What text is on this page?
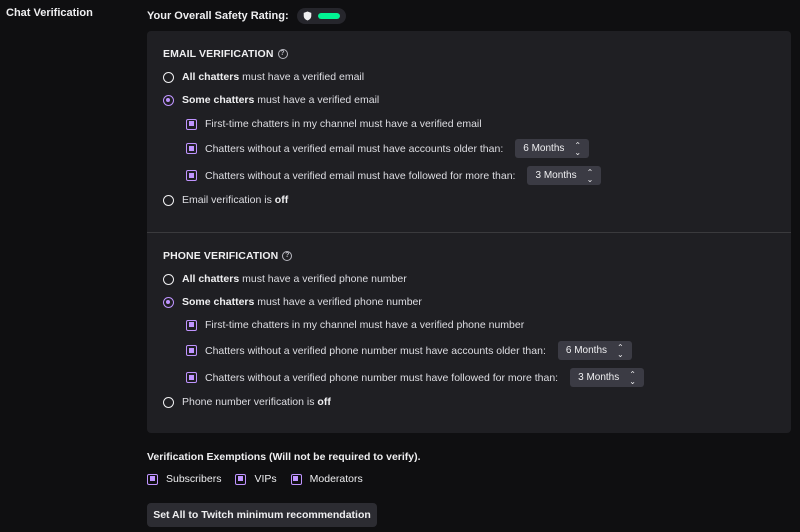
Chat Verification	Your Overall Safety Rating:
EMAIL VERIFICATION ?
All chatters must have a verified email
Some chatters must have a verified email
First-time chatters in my channel must have a verified email
Chatters without a verified email must have accounts older than: 6 Months ⌃
⌄
Chatters without a verified email must have followed for more than: 3 Months ⌃
⌄
Email verification is off
PHONE VERIFICATION ?
All chatters must have a verified phone number
Some chatters must have a verified phone number
First-time chatters in my channel must have a verified phone number
Chatters without a verified phone number must have accounts older than: 6 Months ⌃
⌄
Chatters without a verified phone number must have followed for more than: 3 Months ⌃
⌄
Phone number verification is off
Verification Exemptions (Will not be required to verify).
Subscribers	VIPs	Moderators
Set All to Twitch minimum recommendation
